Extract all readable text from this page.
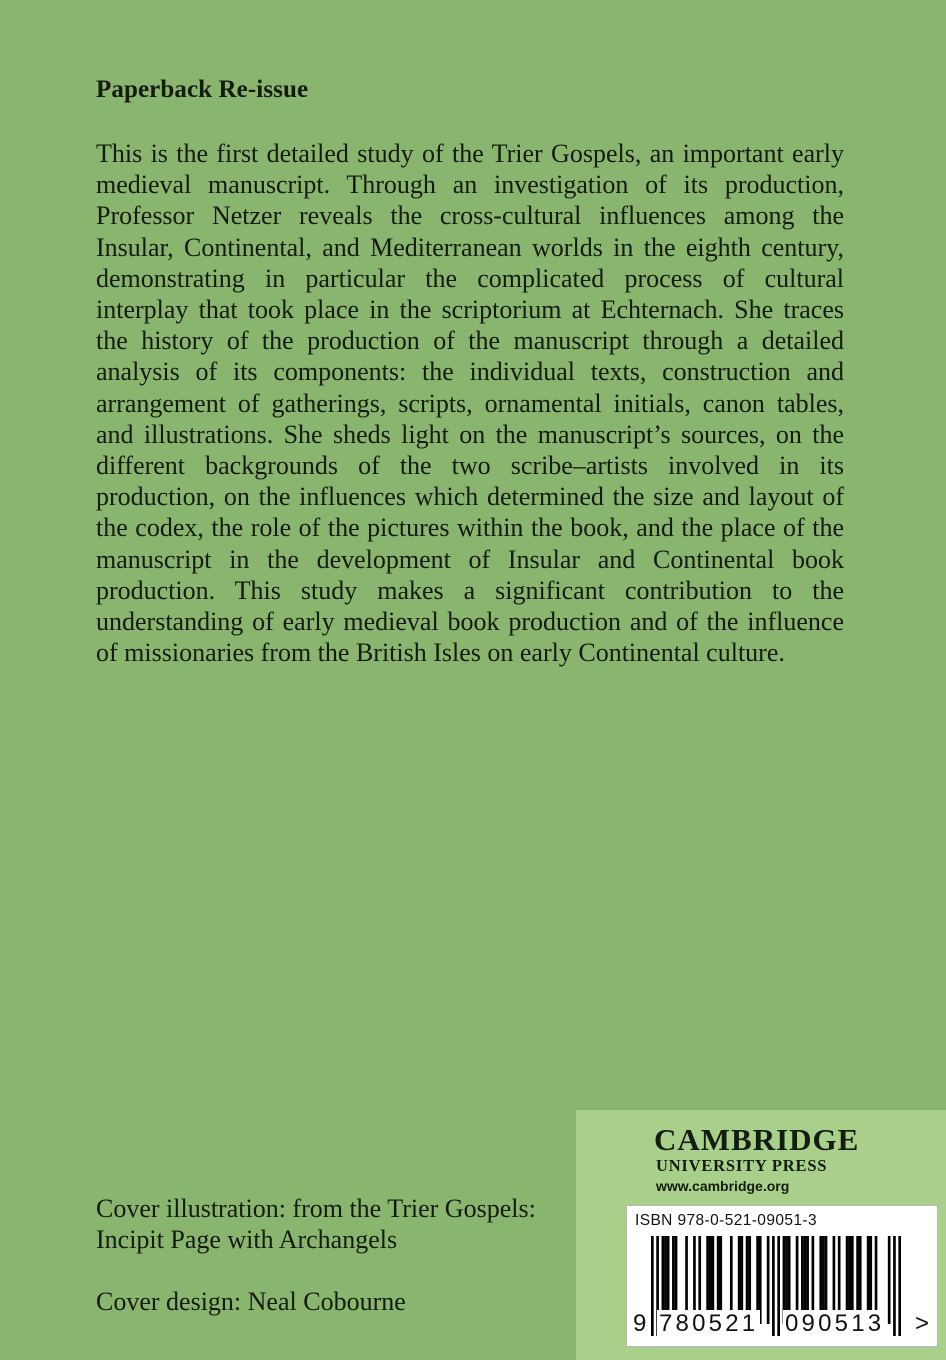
Paperback Re-issue

This is the first detailed study of the Trier Gospels, an important early medieval manuscript. Through an investigation of its production, Professor Netzer reveals the cross-cultural influences among the Insular, Continental, and Mediterranean worlds in the eighth century, demonstrating in particular the complicated process of cultural interplay that took place in the scriptorium at Echternach. She traces the history of the production of the manuscript through a detailed analysis of its components: the individual texts, construction and arrangement of gatherings, scripts, ornamental initials, canon tables, and illustrations. She sheds light on the manuscript’s sources, on the different backgrounds of the two scribe–artists involved in its production, on the influences which determined the size and layout of the codex, the role of the pictures within the book, and the place of the manuscript in the development of Insular and Continental book production. This study makes a significant contribution to the understanding of early medieval book production and of the influence of missionaries from the British Isles on early Continental culture.

Cover illustration: from the Trier Gospels:
Incipit Page with Archangels
Cover design: Neal Cobourne
CAMBRIDGE
UNIVERSITY PRESS
www.cambridge.org
ISBN 978-0-521-09051-3
9 780521 090513 >
